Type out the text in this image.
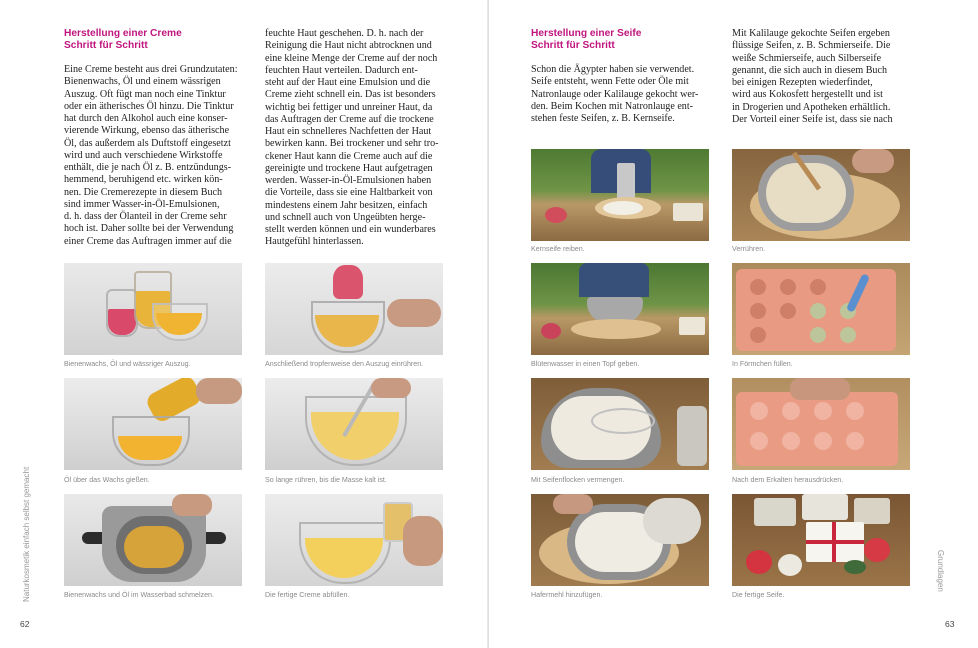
Herstellung einer Creme
Schritt für Schritt
Eine Creme besteht aus drei Grundzutaten:
Bienenwachs, Öl und einem wässrigen
Auszug. Oft fügt man noch eine Tinktur
oder ein ätherisches Öl hinzu. Die Tinktur
hat durch den Alkohol auch eine konser-
vierende Wirkung, ebenso das ätherische
Öl, das außerdem als Duftstoff eingesetzt
wird und auch verschiedene Wirkstoffe
enthält, die je nach Öl z. B. entzündungs-
hemmend, beruhigend etc. wirken kön-
nen. Die Cremerezepte in diesem Buch
sind immer Wasser-in-Öl-Emulsionen,
d. h. dass der Ölanteil in der Creme sehr
hoch ist. Daher sollte bei der Verwendung
einer Creme das Auftragen immer auf die
feuchte Haut geschehen. D. h. nach der
Reinigung die Haut nicht abtrocknen und
eine kleine Menge der Creme auf der noch
feuchten Haut verteilen. Dadurch ent-
steht auf der Haut eine Emulsion und die
Creme zieht schnell ein. Das ist besonders
wichtig bei fettiger und unreiner Haut, da
das Auftragen der Creme auf die trockene
Haut ein schnelleres Nachfetten der Haut
bewirken kann. Bei trockener und sehr tro-
ckener Haut kann die Creme auch auf die
gereinigte und trockene Haut aufgetragen
werden. Wasser-in-Öl-Emulsionen haben
die Vorteile, dass sie eine Haltbarkeit von
mindestens einem Jahr besitzen, einfach
und schnell auch von Ungeübten herge-
stellt werden können und ein wunderbares
Hautgefühl hinterlassen.
Bienenwachs, Öl und wässriger Auszug.	Anschließend tropfenweise den Auszug einrühren.
Öl über das Wachs gießen.	So lange rühren, bis die Masse kalt ist.
Bienenwachs und Öl im Wasserbad schmelzen.	Die fertige Creme abfüllen.
Naturkosmetik einfach selbst gemacht
62
Herstellung einer Seife
Schritt für Schritt
Schon die Ägypter haben sie verwendet.
Seife entsteht, wenn Fette oder Öle mit
Natronlauge oder Kalilauge gekocht wer-
den. Beim Kochen mit Natronlauge ent-
stehen feste Seifen, z. B. Kernseife.
Mit Kalilauge gekochte Seifen ergeben
flüssige Seifen, z. B. Schmierseife. Die
weiße Schmierseife, auch Silberseife
genannt, die sich auch in diesem Buch
bei einigen Rezepten wiederfindet,
wird aus Kokosfett hergestellt und ist
in Drogerien und Apotheken erhältlich.
Der Vorteil einer Seife ist, dass sie nach
Kernseife reiben.	Verrühren.
Blütenwasser in einen Topf geben.	In Förmchen füllen.
Mit Seifenflocken vermengen.	Nach dem Erkalten herausdrücken.
Hafermehl hinzufügen.	Die fertige Seife.
Grundlagen
63
